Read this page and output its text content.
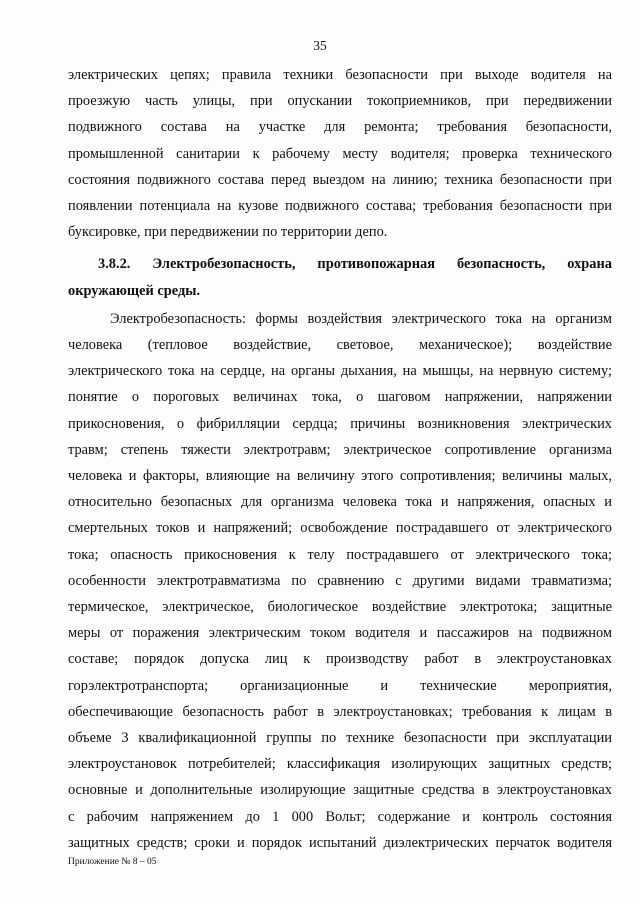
35

электрических цепях; правила техники безопасности при выходе водителя на
проезжую часть улицы, при опускании токоприемников, при передвижении
подвижного состава на участке для ремонта; требования безопасности,
промышленной санитарии к рабочему месту водителя; проверка технического
состояния подвижного состава перед выездом на линию; техника безопасности при
появлении потенциала на кузове подвижного состава; требования безопасности при
буксировке, при передвижении по территории депо.

3.8.2. Электробезопасность, противопожарная безопасность, охрана
окружающей среды.

Электробезопасность: формы воздействия электрического тока на организм
человека (тепловое воздействие, световое, механическое); воздействие
электрического тока на сердце, на органы дыхания, на мышцы, на нервную систему;
понятие о пороговых величинах тока, о шаговом напряжении, напряжении
прикосновения, о фибрилляции сердца; причины возникновения электрических
травм; степень тяжести электротравм; электрическое сопротивление организма
человека и факторы, влияющие на величину этого сопротивления; величины малых,
относительно безопасных для организма человека тока и напряжения, опасных и
смертельных токов и напряжений; освобождение пострадавшего от электрического
тока; опасность прикосновения к телу пострадавшего от электрического тока;
особенности электротравматизма по сравнению с другими видами травматизма;
термическое, электрическое, биологическое воздействие электротока; защитные
меры от поражения электрическим током водителя и пассажиров на подвижном
составе; порядок допуска лиц к производству работ в электроустановках
горэлектротранспорта; организационные и технические мероприятия,
обеспечивающие безопасность работ в электроустановках; требования к лицам в
объеме 3 квалификационной группы по технике безопасности при эксплуатации
электроустановок потребителей; классификация изолирующих защитных средств;
основные и дополнительные изолирующие защитные средства в электроустановках
с рабочим напряжением до 1 000 Вольт; содержание и контроль состояния
защитных средств; сроки и порядок испытаний диэлектрических перчаток водителя

Приложение № 8 – 05
